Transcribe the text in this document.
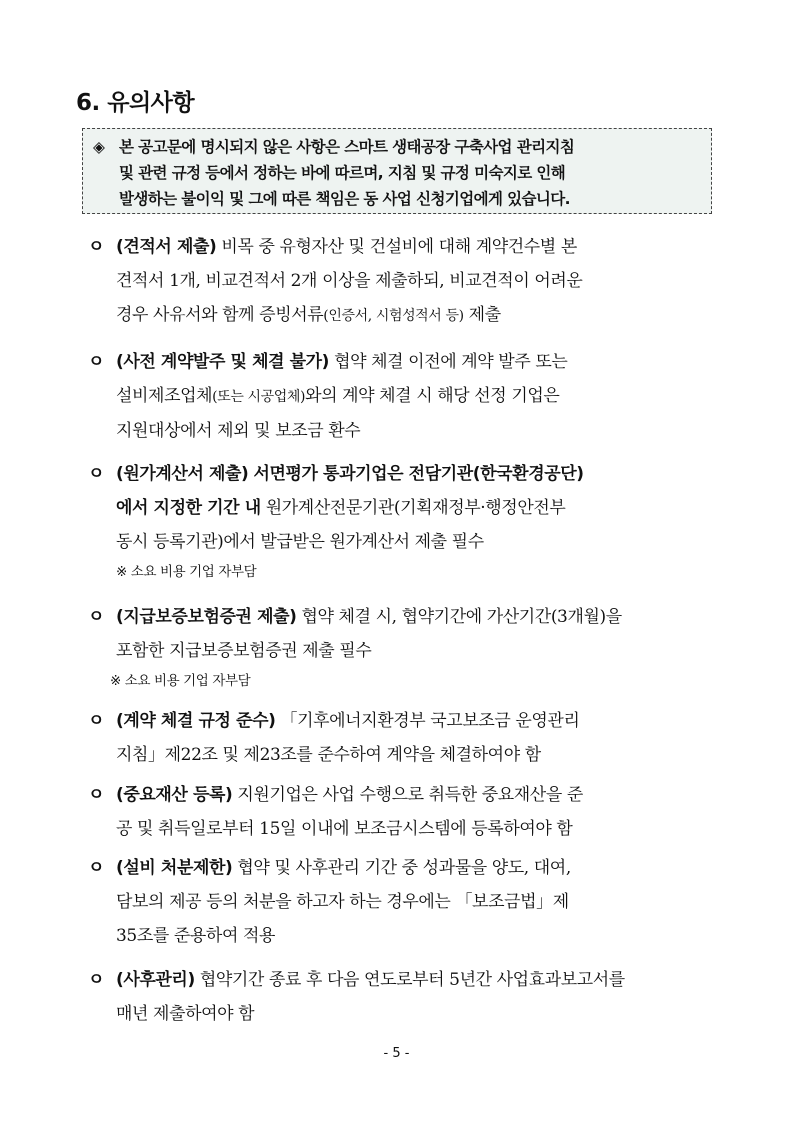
6. 유의사항
◈ 본 공고문에 명시되지 않은 사항은 스마트 생태공장 구축사업 관리지침
및 관련 규정 등에서 정하는 바에 따르며, 지침 및 규정 미숙지로 인해
발생하는 불이익 및 그에 따른 책임은 동 사업 신청기업에게 있습니다.
ㅇ (견적서 제출) 비목 중 유형자산 및 건설비에 대해 계약건수별 본
견적서 1개, 비교견적서 2개 이상을 제출하되, 비교견적이 어려운
경우 사유서와 함께 증빙서류(인증서, 시험성적서 등) 제출
ㅇ (사전 계약발주 및 체결 불가) 협약 체결 이전에 계약 발주 또는
설비제조업체(또는 시공업체)와의 계약 체결 시 해당 선정 기업은
지원대상에서 제외 및 보조금 환수
ㅇ (원가계산서 제출) 서면평가 통과기업은 전담기관(한국환경공단)
에서 지정한 기간 내 원가계산전문기관(기획재정부·행정안전부
동시 등록기관)에서 발급받은 원가계산서 제출 필수
※ 소요 비용 기업 자부담
ㅇ (지급보증보험증권 제출) 협약 체결 시, 협약기간에 가산기간(3개월)을
포함한 지급보증보험증권 제출 필수
※ 소요 비용 기업 자부담
ㅇ (계약 체결 규정 준수) 「기후에너지환경부 국고보조금 운영관리
지침」제22조 및 제23조를 준수하여 계약을 체결하여야 함
ㅇ (중요재산 등록) 지원기업은 사업 수행으로 취득한 중요재산을 준
공 및 취득일로부터 15일 이내에 보조금시스템에 등록하여야 함
ㅇ (설비 처분제한) 협약 및 사후관리 기간 중 성과물을 양도, 대여,
담보의 제공 등의 처분을 하고자 하는 경우에는 「보조금법」제
35조를 준용하여 적용
ㅇ (사후관리) 협약기간 종료 후 다음 연도로부터 5년간 사업효과보고서를
매년 제출하여야 함
- 5 -
